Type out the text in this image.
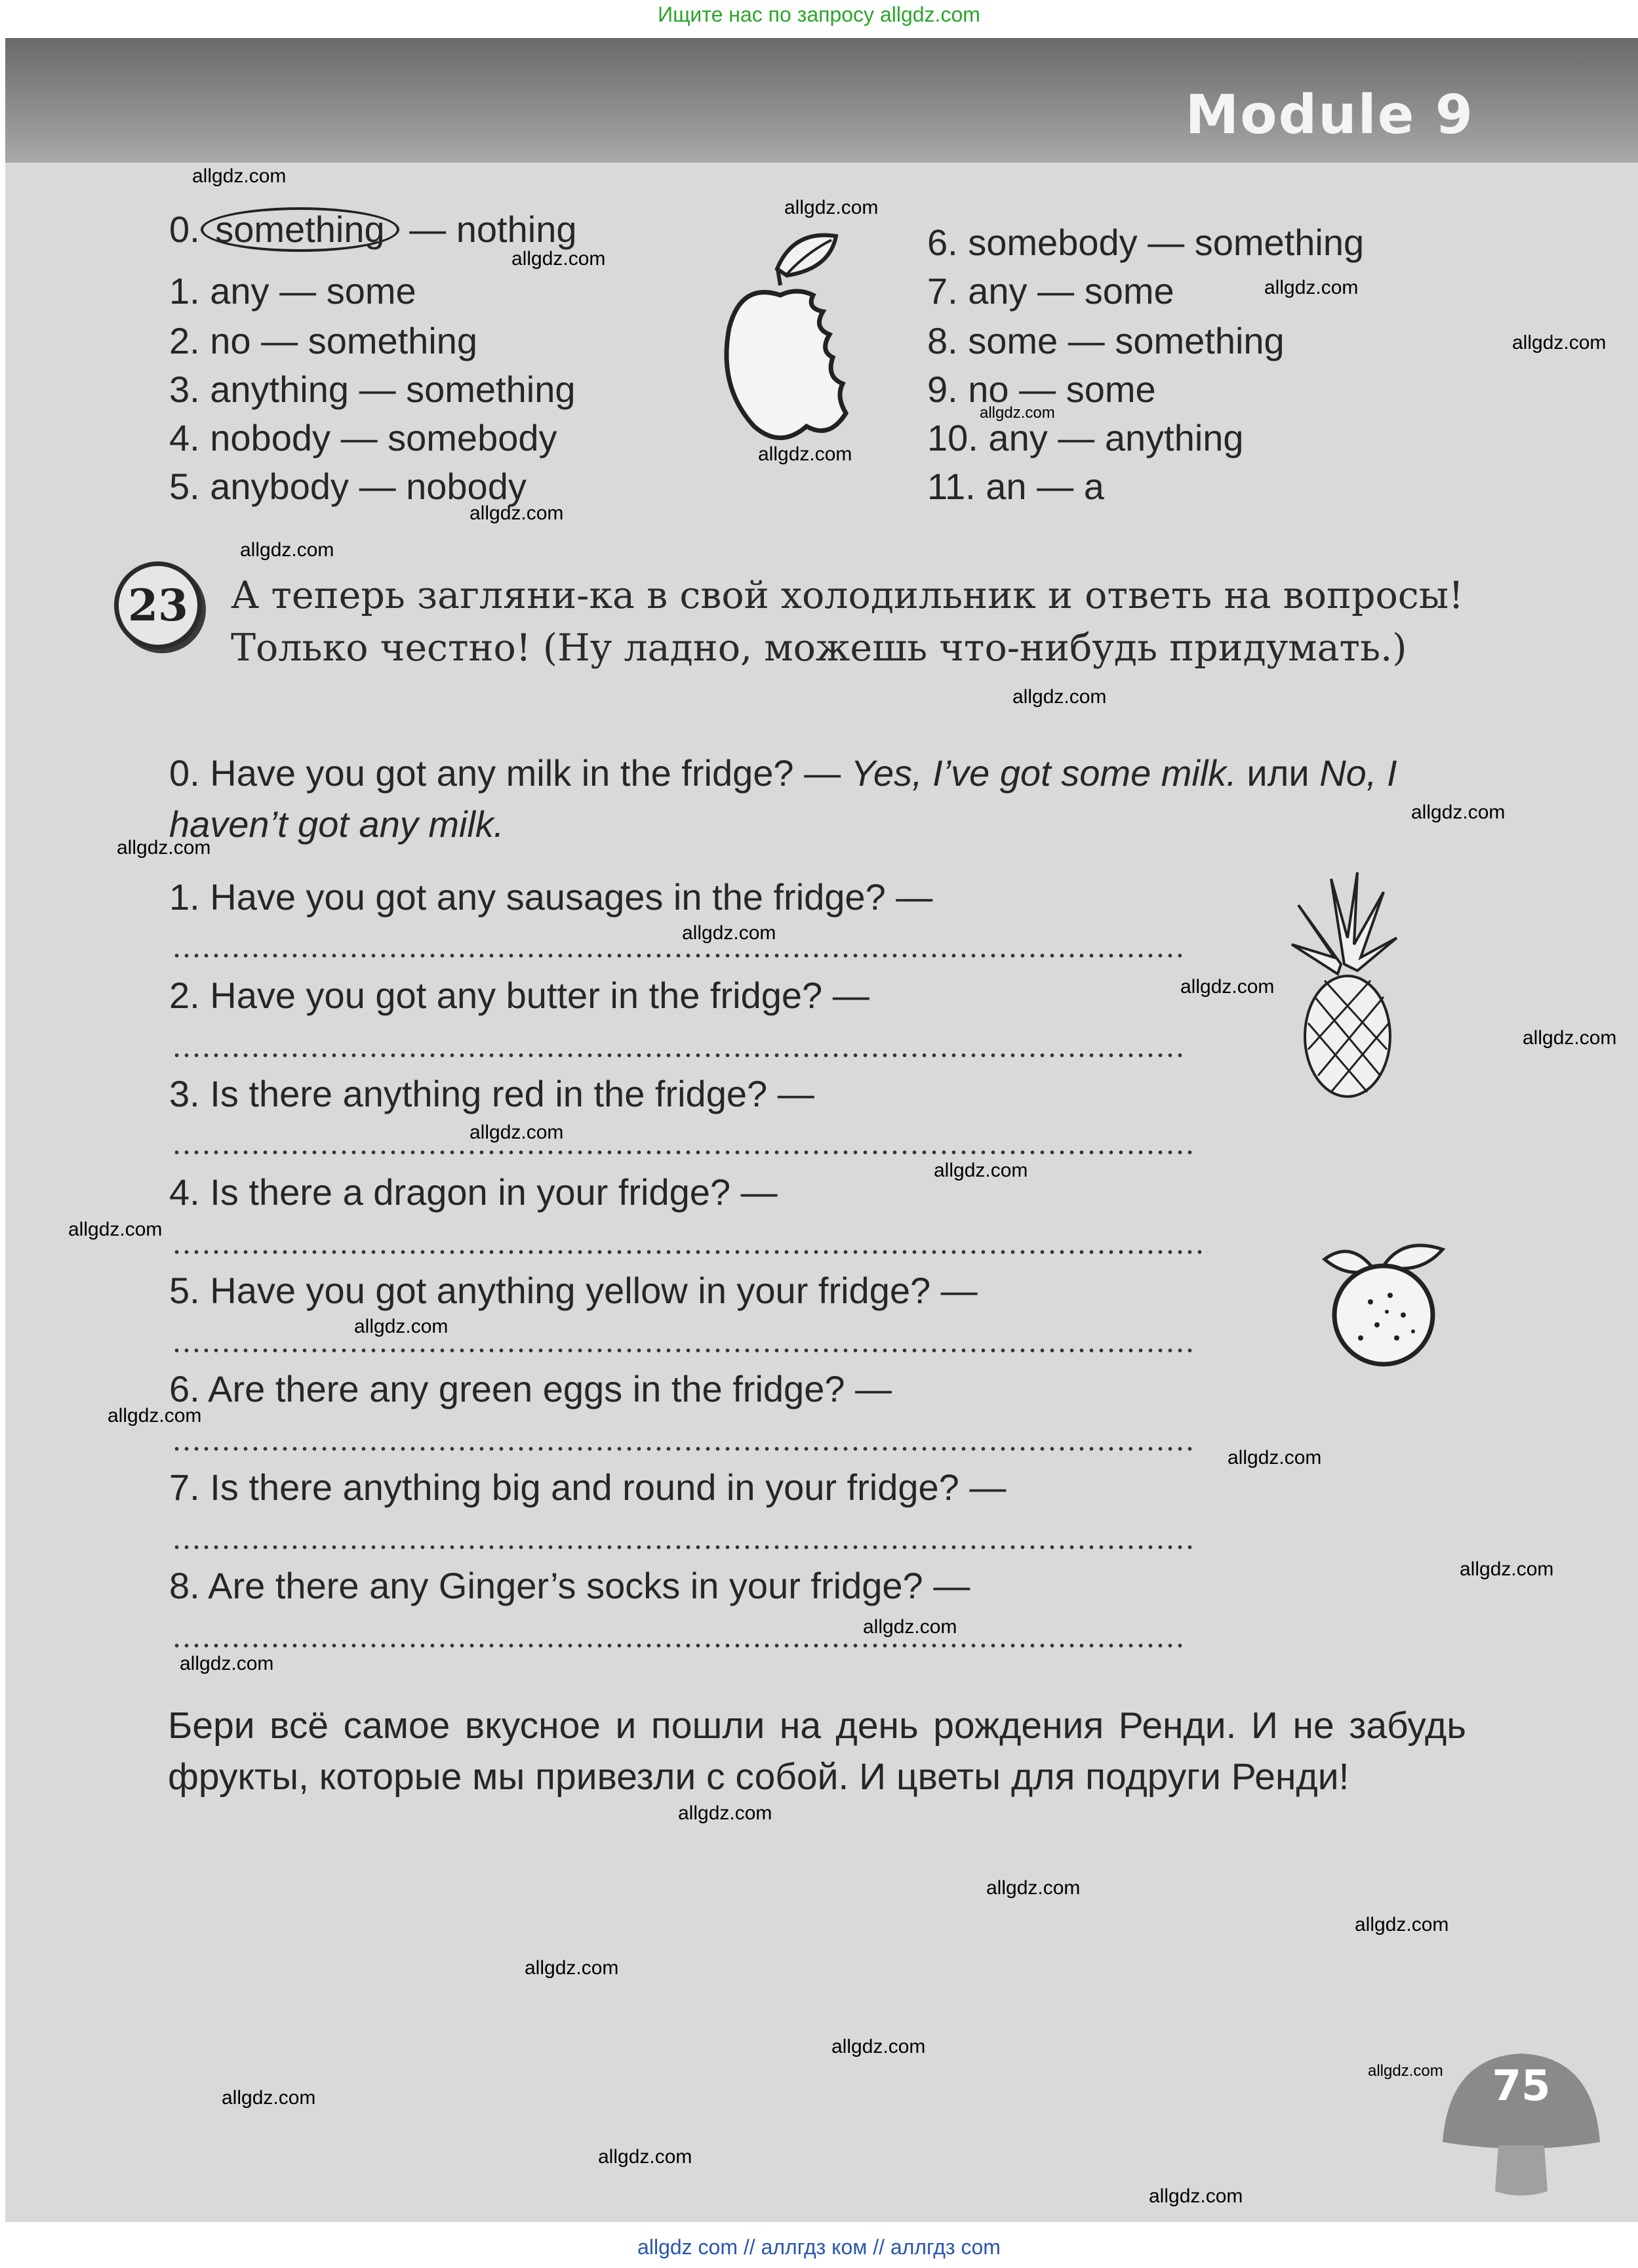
Ищите нас по запросу allgdz.com
Module 9
0. something — nothing
1. any — some
2. no — something
3. anything — something
4. nobody — somebody
5. anybody — nobody
6. somebody — something
7. any — some
8. some — something
9. no — some
10. any — anything
11. an — a
23	А теперь загляни-ка в свой холодильник и ответь на вопросы! Только честно! (Ну ладно, можешь что-нибудь придумать.)
0. Have you got any milk in the fridge? — Yes, I’ve got some milk. или No, I haven’t got any milk.
1. Have you got any sausages in the fridge? —
2. Have you got any butter in the fridge? —
3. Is there anything red in the fridge? —
4. Is there a dragon in your fridge? —
5. Have you got anything yellow in your fridge? —
6. Are there any green eggs in the fridge? —
7. Is there anything big and round in your fridge? —
8. Are there any Ginger’s socks in your fridge? —
Бери всё самое вкусное и пошли на день рождения Ренди. И не забудь фрукты, которые мы привезли с собой. И цветы для подруги Ренди!
75
allgdz.com
allgdz.com
allgdz.com
allgdz.com
allgdz.com
allgdz.com
allgdz.com
allgdz.com
allgdz.com
allgdz.com
allgdz.com
allgdz.com
allgdz.com
allgdz.com
allgdz.com
allgdz.com
allgdz.com
allgdz.com
allgdz.com
allgdz.com
allgdz.com
allgdz.com
allgdz.com
allgdz.com
allgdz.com
allgdz.com
allgdz.com
allgdz.com
allgdz.com
allgdz.com
allgdz.com
allgdz.com
allgdz.com
allgdz com // аллгдз ком // аллгдз com
